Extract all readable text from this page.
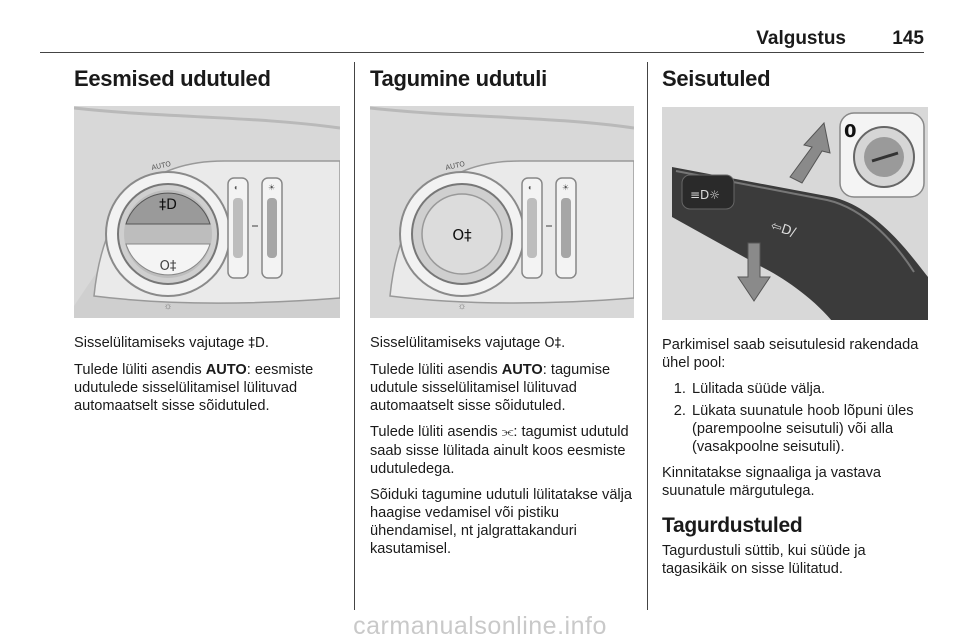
Valgustus 145
Eesmised udutuled
‡D
O‡
AUTO
☼
◐	☀

Sisselülitamiseks vajutage ‡D.

Tulede lüliti asendis AUTO: eesmiste udutulede sisselülitamisel lülituvad automaatselt sisse sõidutuled.

Tagumine udutuli
O‡
AUTO
☼
◐	☀

Sisselülitamiseks vajutage O‡.

Tulede lüliti asendis AUTO: tagumise udutule sisselülitamisel lülituvad automaatselt sisse sõidutuled.

Tulede lüliti asendis ⫘: tagumist udutuld saab sisse lülitada ainult koos eesmiste udutuledega.

Sõiduki tagumine udutuli lülitatakse välja haagise vedamisel või pistiku ühendamisel, nt jalgrattakanduri kasutamisel.

Seisutuled
≡D☼
⇦D/
0

Parkimisel saab seisutulesid rakendada ühel pool:

1. Lülitada süüde välja.
2. Lükata suunatule hoob lõpuni üles (parempoolne seisutuli) või alla (vasakpoolne seisutuli).

Kinnitatakse signaaliga ja vastava suunatule märgutulega.

Tagurdustuled

Tagurdustuli süttib, kui süüde ja tagasikäik on sisse lülitatud.

carmanualsonline.info
